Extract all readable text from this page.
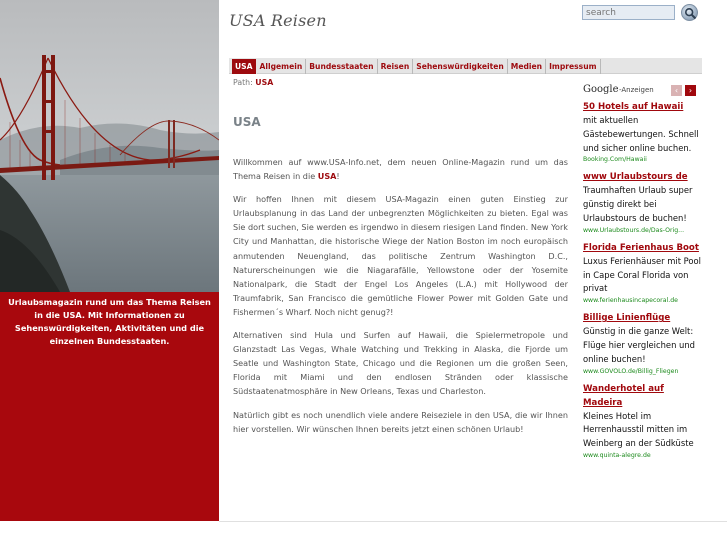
Urlaubsmagazin rund um das Thema Reisen in die USA. Mit Informationen zu Sehenswürdigkeiten, Aktivitäten und die einzelnen Bundesstaaten.

USA Reisen
search
USA Allgemein Bundesstaaten Reisen Sehenswürdigkeiten Medien Impressum
Path: USA
USA

Willkommen auf www.USA-Info.net, dem neuen Online-Magazin rund um das Thema Reisen in die USA!

Wir hoffen Ihnen mit diesem USA-Magazin einen guten Einstieg zur Urlaubsplanung in das Land der unbegrenzten Möglichkeiten zu bieten. Egal was Sie dort suchen, Sie werden es irgendwo in diesem riesigen Land finden. New York City und Manhattan, die historische Wiege der Nation Boston im noch europäisch anmutenden Neuengland, das politische Zentrum Washington D.C., Naturerscheinungen wie die Niagarafälle, Yellowstone oder der Yosemite Nationalpark, die Stadt der Engel Los Angeles (L.A.) mit Hollywood der Traumfabrik, San Francisco die gemütliche Flower Power mit Golden Gate und Fishermen´s Wharf. Noch nicht genug?!

Alternativen sind Hula und Surfen auf Hawaii, die Spielermetropole und Glanzstadt Las Vegas, Whale Watching und Trekking in Alaska, die Fjorde um Seatle und Washington State, Chicago und die Regionen um die großen Seen, Florida mit Miami und den endlosen Stränden oder klassische Südstaatenatmosphäre in New Orleans, Texas und Charleston.

Natürlich gibt es noch unendlich viele andere Reiseziele in den USA, die wir Ihnen hier vorstellen. Wir wünschen Ihnen bereits jetzt einen schönen Urlaub!

Google -Anzeigen	‹	›
50 Hotels auf Hawaii
mit aktuellen Gästebewertungen. Schnell und sicher online buchen.
Booking.Com/Hawaii
www Urlaubstours de
Traumhaften Urlaub super günstig direkt bei Urlaubstours de buchen!
www.Urlaubstours.de/Das-Orig...
Florida Ferienhaus Boot
Luxus Ferienhäuser mit Pool in Cape Coral Florida von privat
www.ferienhausincapecoral.de
Billige Linienflüge
Günstig in die ganze Welt: Flüge hier vergleichen und online buchen!
www.GOVOLO.de/Billig_Fliegen
Wanderhotel auf Madeira
Kleines Hotel im Herrenhausstil mitten im Weinberg an der Südküste
www.quinta-alegre.de
